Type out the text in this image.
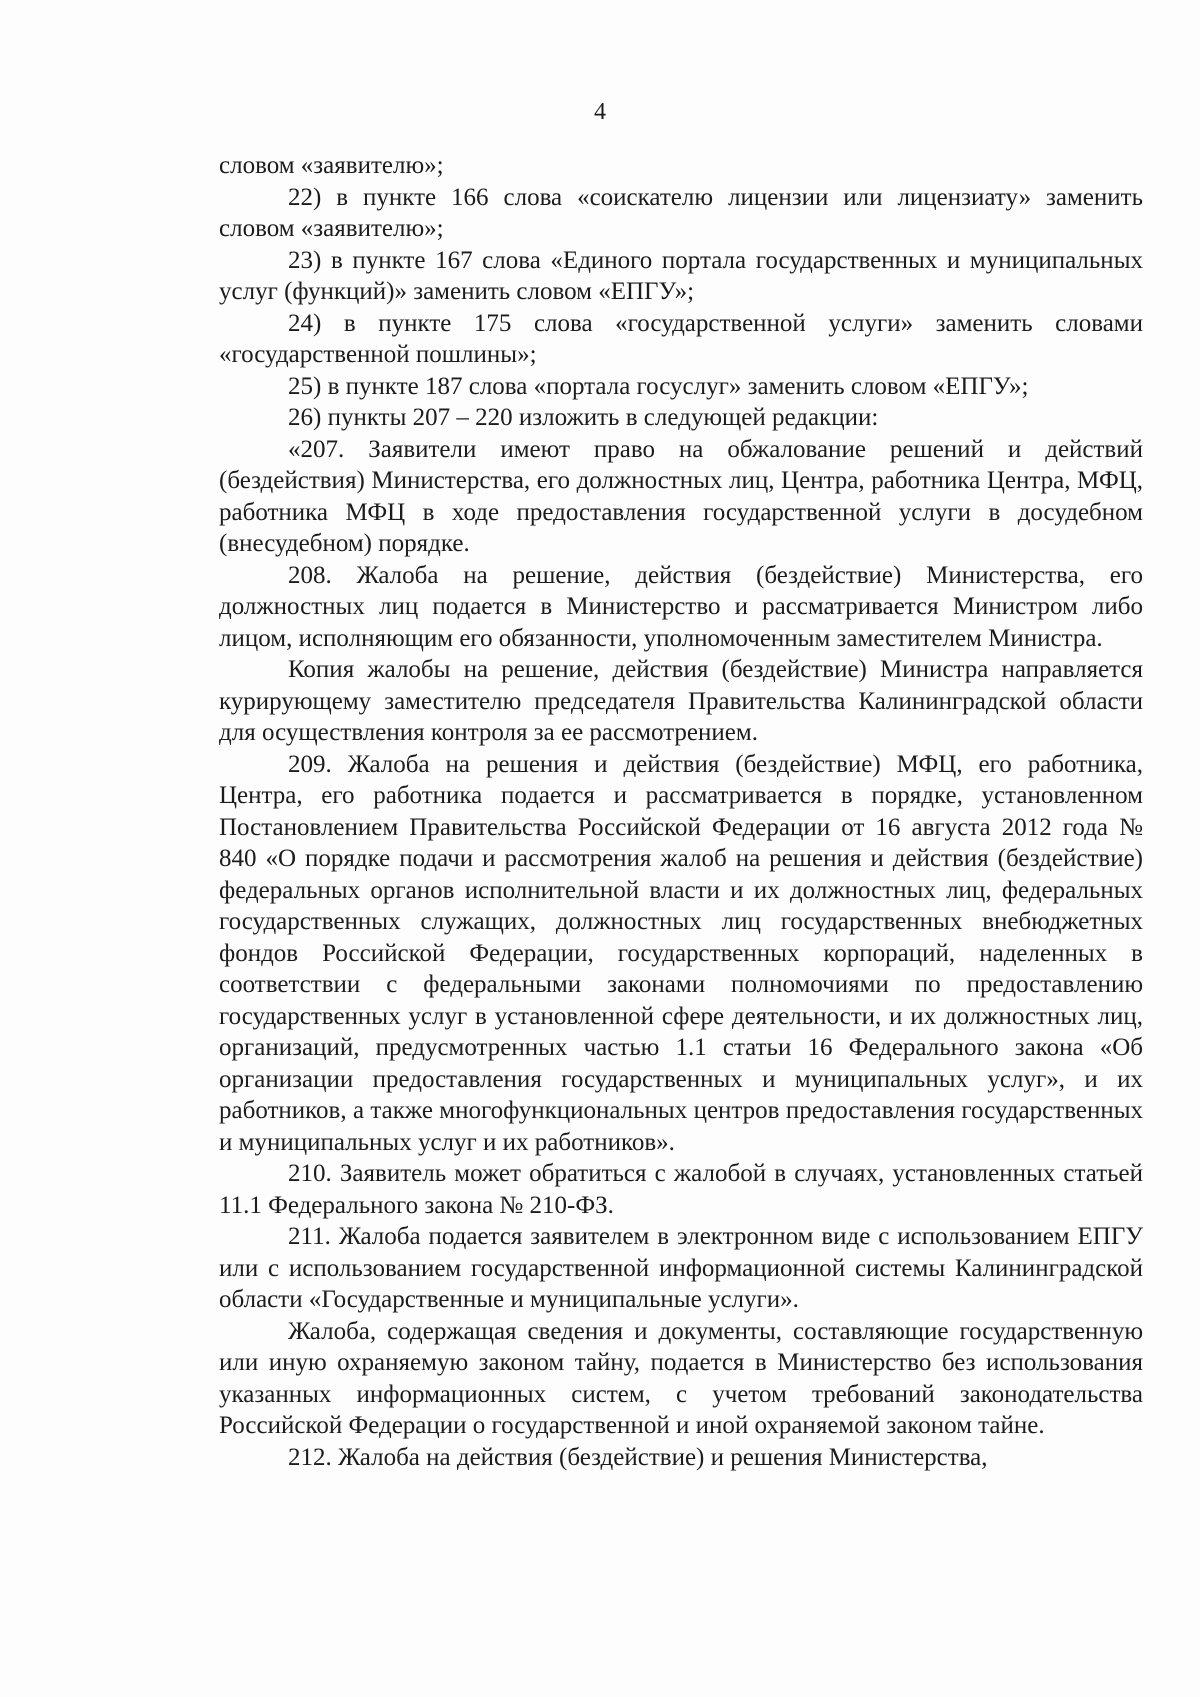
4

словом «заявителю»;

22) в пункте 166 слова «соискателю лицензии или лицензиату» заменить словом «заявителю»;

23) в пункте 167 слова «Единого портала государственных и муниципальных услуг (функций)» заменить словом «ЕПГУ»;

24) в пункте 175 слова «государственной услуги» заменить словами «государственной пошлины»;

25) в пункте 187 слова «портала госуслуг» заменить словом «ЕПГУ»;

26) пункты 207 – 220 изложить в следующей редакции:

«207. Заявители имеют право на обжалование решений и действий (бездействия) Министерства, его должностных лиц, Центра, работника Центра, МФЦ, работника МФЦ в ходе предоставления государственной услуги в досудебном (внесудебном) порядке.

208. Жалоба на решение, действия (бездействие) Министерства, его должностных лиц подается в Министерство и рассматривается Министром либо лицом, исполняющим его обязанности, уполномоченным заместителем Министра.

Копия жалобы на решение, действия (бездействие) Министра направляется курирующему заместителю председателя Правительства Калининградской области для осуществления контроля за ее рассмотрением.

209. Жалоба на решения и действия (бездействие) МФЦ, его работника, Центра, его работника подается и рассматривается в порядке, установленном Постановлением Правительства Российской Федерации от 16 августа 2012 года № 840 «О порядке подачи и рассмотрения жалоб на решения и действия (бездействие) федеральных органов исполнительной власти и их должностных лиц, федеральных государственных служащих, должностных лиц государственных внебюджетных фондов Российской Федерации, государственных корпораций, наделенных в соответствии с федеральными законами полномочиями по предоставлению государственных услуг в установленной сфере деятельности, и их должностных лиц, организаций, предусмотренных частью 1.1 статьи 16 Федерального закона «Об организации предоставления государственных и муниципальных услуг», и их работников, а также многофункциональных центров предоставления государственных и муниципальных услуг и их работников».

210. Заявитель может обратиться с жалобой в случаях, установленных статьей 11.1 Федерального закона № 210-ФЗ.

211. Жалоба подается заявителем в электронном виде с использованием ЕПГУ или с использованием государственной информационной системы Калининградской области «Государственные и муниципальные услуги».

Жалоба, содержащая сведения и документы, составляющие государственную или иную охраняемую законом тайну, подается в Министерство без использования указанных информационных систем, с учетом требований законодательства Российской Федерации о государственной и иной охраняемой законом тайне.

212. Жалоба на действия (бездействие) и решения Министерства,
